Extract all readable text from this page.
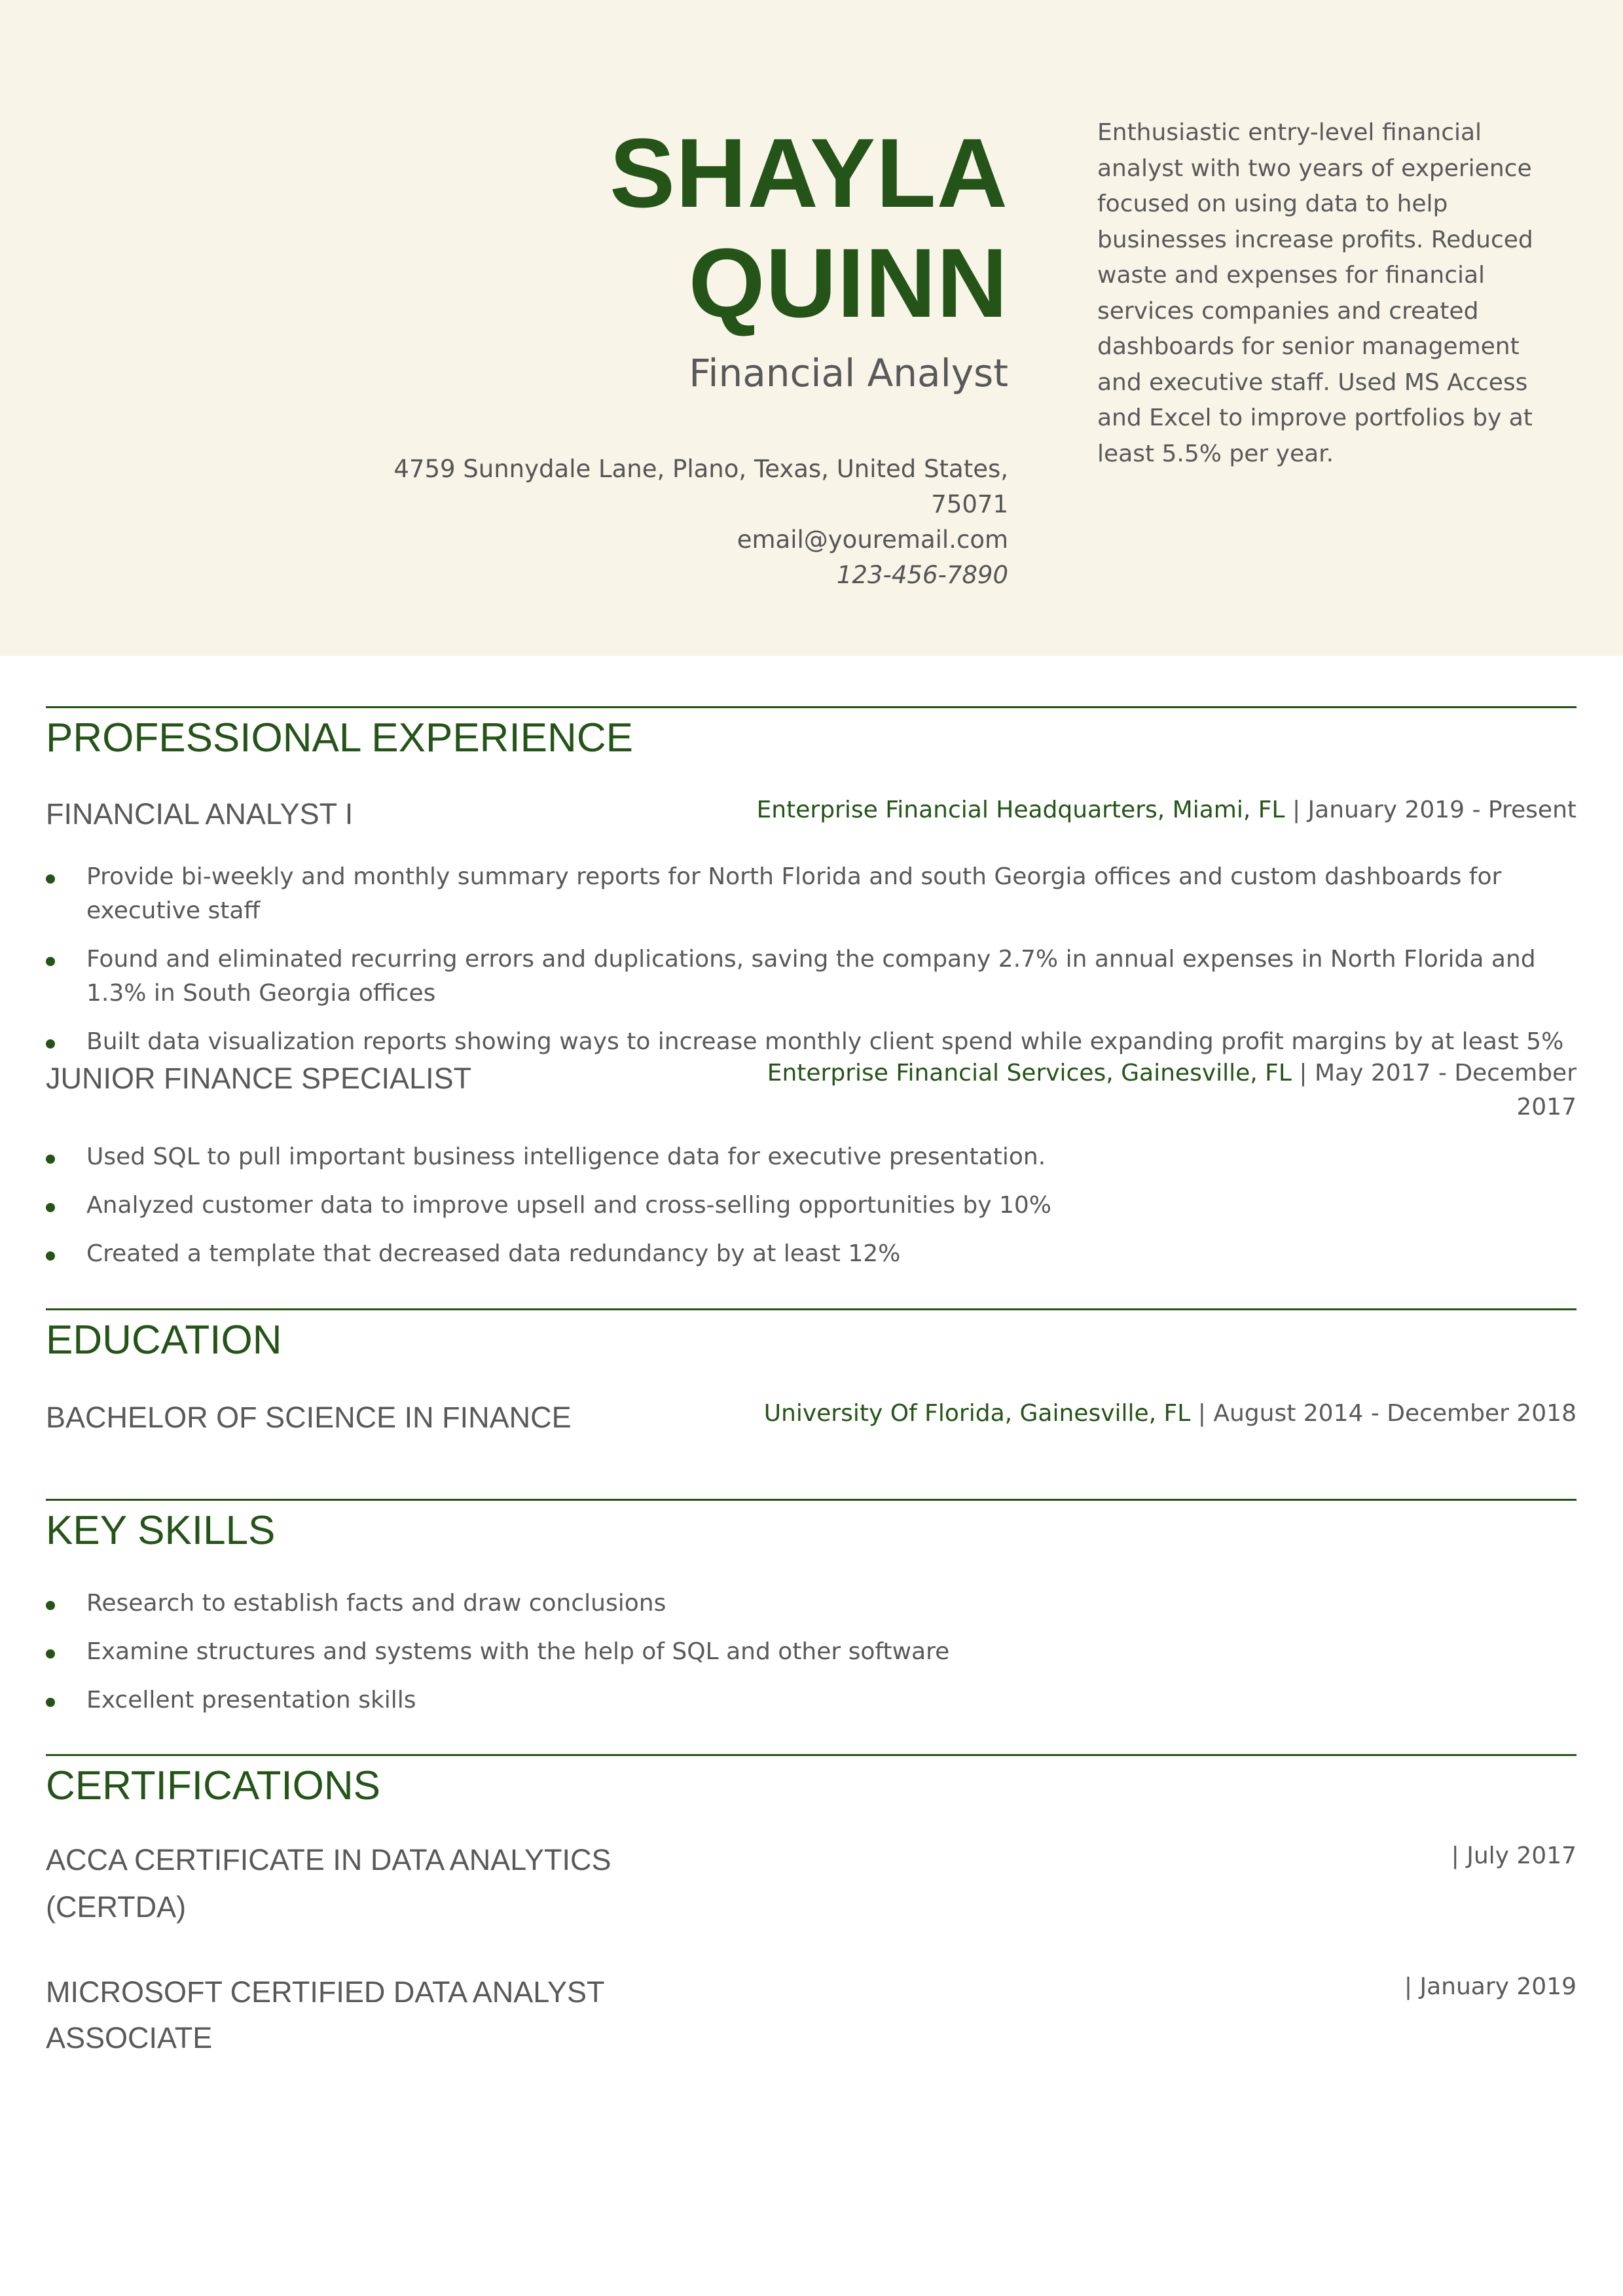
SHAYLA
QUINN
Financial Analyst
4759 Sunnydale Lane, Plano, Texas, United States,
75071
email@youremail.com
123-456-7890
Enthusiastic entry-level financial analyst with two years of experience focused on using data to help businesses increase profits. Reduced waste and expenses for financial services companies and created dashboards for senior management and executive staff. Used MS Access and Excel to improve portfolios by at least 5.5% per year.
PROFESSIONAL EXPERIENCE
FINANCIAL ANALYST I	Enterprise Financial Headquarters, Miami, FL | January 2019 - Present
Provide bi-weekly and monthly summary reports for North Florida and south Georgia offices and custom dashboards for executive staff
Found and eliminated recurring errors and duplications, saving the company 2.7% in annual expenses in North Florida and 1.3% in South Georgia offices
Built data visualization reports showing ways to increase monthly client spend while expanding profit margins by at least 5%
JUNIOR FINANCE SPECIALIST	Enterprise Financial Services, Gainesville, FL | May 2017 - December
2017
Used SQL to pull important business intelligence data for executive presentation.
Analyzed customer data to improve upsell and cross-selling opportunities by 10%
Created a template that decreased data redundancy by at least 12%
EDUCATION
BACHELOR OF SCIENCE IN FINANCE	University Of Florida, Gainesville, FL | August 2014 - December 2018
KEY SKILLS
Research to establish facts and draw conclusions
Examine structures and systems with the help of SQL and other software
Excellent presentation skills
CERTIFICATIONS
ACCA CERTIFICATE IN DATA ANALYTICS
(CERTDA)
| July 2017
MICROSOFT CERTIFIED DATA ANALYST
ASSOCIATE
| January 2019
